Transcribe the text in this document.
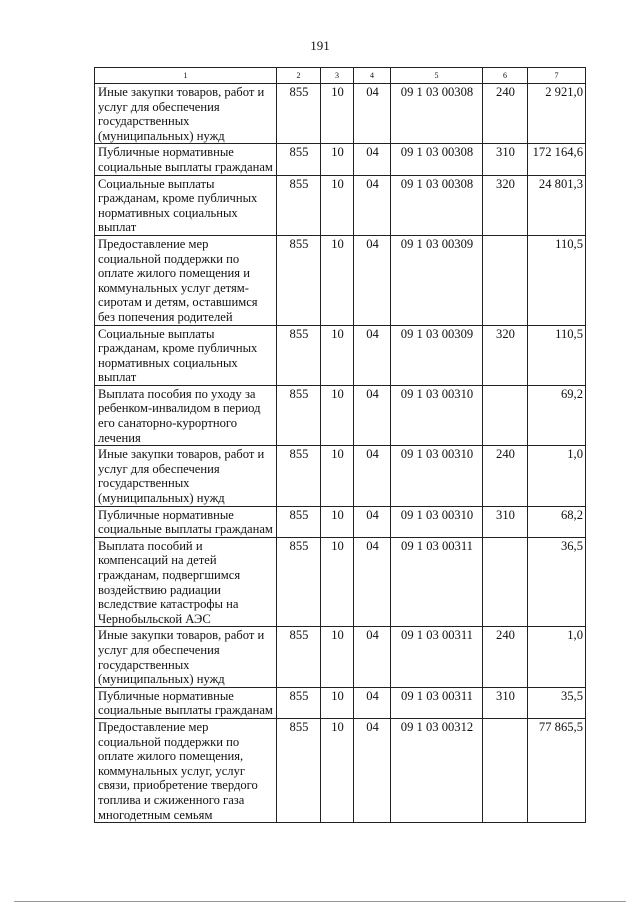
191
1	2	3	4	5	6	7
Иные закупки товаров, работ и услуг для обеспечения государственных (муниципальных) нужд	855	10	04	09 1 03 00308	240	2 921,0
Публичные нормативные социальные выплаты гражданам	855	10	04	09 1 03 00308	310	172 164,6
Социальные выплаты гражданам, кроме публичных нормативных социальных выплат	855	10	04	09 1 03 00308	320	24 801,3
Предоставление мер социальной поддержки по оплате жилого помещения и коммунальных услуг детям-сиротам и детям, оставшимся без попечения родителей	855	10	04	09 1 03 00309		110,5
Социальные выплаты гражданам, кроме публичных нормативных социальных выплат	855	10	04	09 1 03 00309	320	110,5
Выплата пособия по уходу за ребенком-инвалидом в период его санаторно-курортного лечения	855	10	04	09 1 03 00310		69,2
Иные закупки товаров, работ и услуг для обеспечения государственных (муниципальных) нужд	855	10	04	09 1 03 00310	240	1,0
Публичные нормативные социальные выплаты гражданам	855	10	04	09 1 03 00310	310	68,2
Выплата пособий и компенсаций на детей гражданам, подвергшимся воздействию радиации вследствие катастрофы на Чернобыльской АЭС	855	10	04	09 1 03 00311		36,5
Иные закупки товаров, работ и услуг для обеспечения государственных (муниципальных) нужд	855	10	04	09 1 03 00311	240	1,0
Публичные нормативные социальные выплаты гражданам	855	10	04	09 1 03 00311	310	35,5
Предоставление мер социальной поддержки по оплате жилого помещения, коммунальных услуг, услуг связи, приобретение твердого топлива и сжиженного газа многодетным семьям	855	10	04	09 1 03 00312		77 865,5
